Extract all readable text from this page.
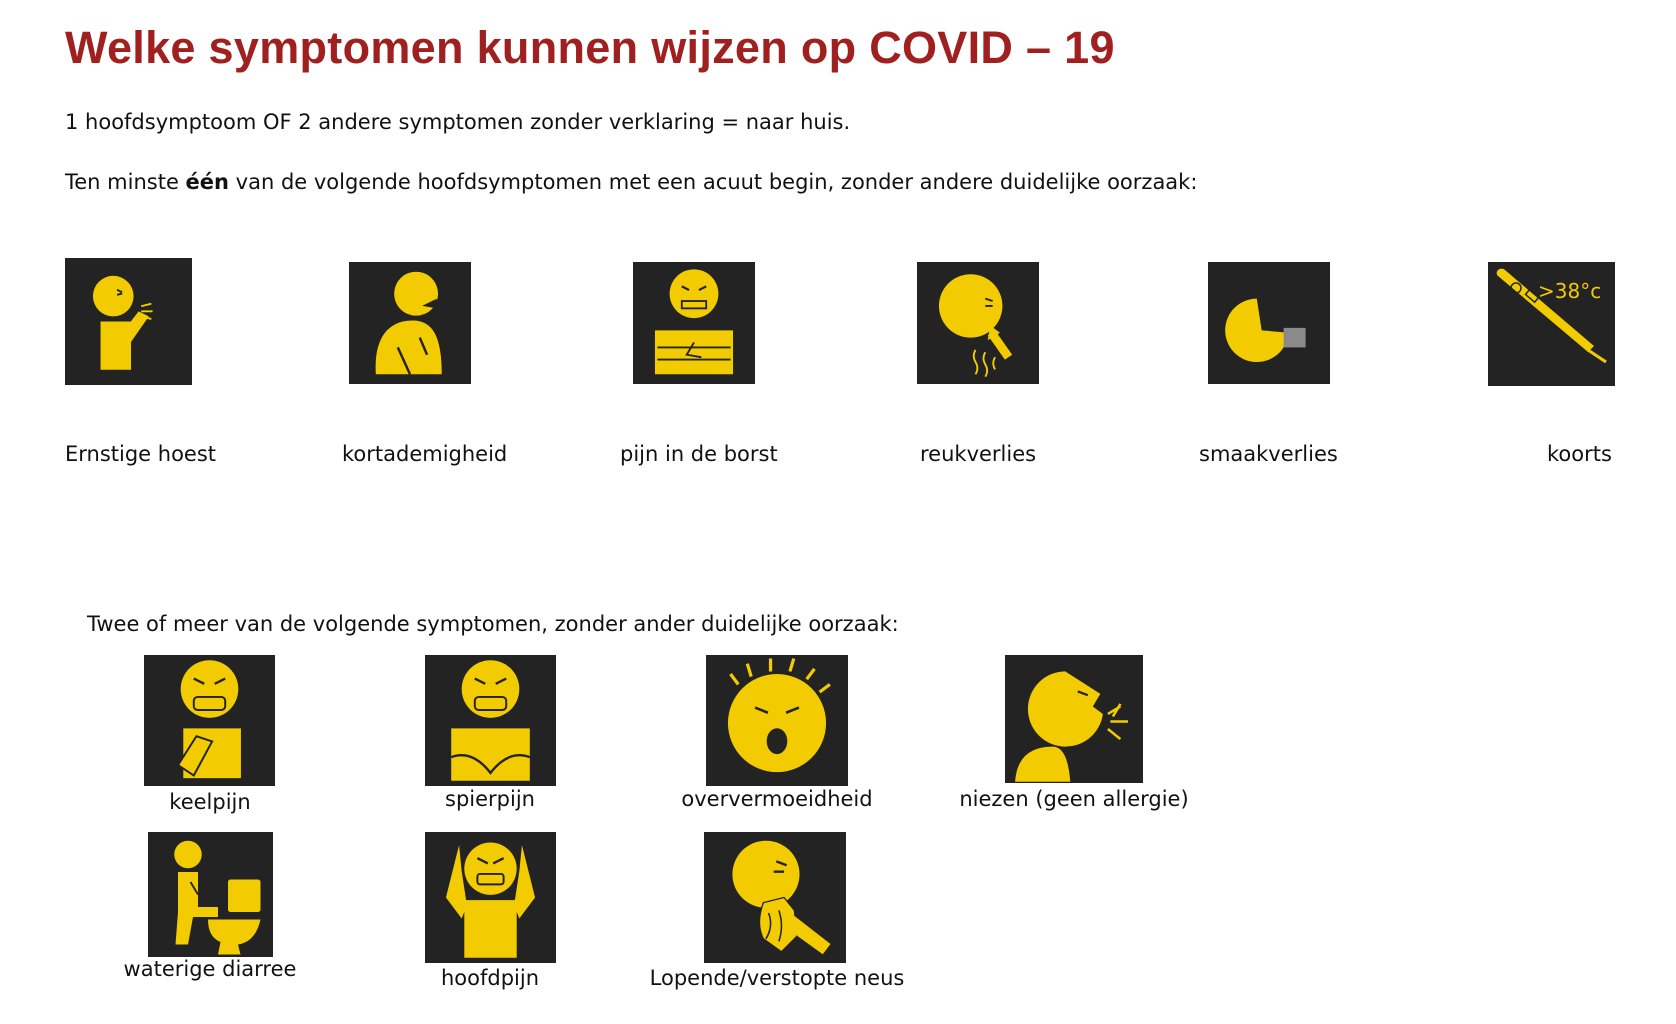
Welke symptomen kunnen wijzen op COVID – 19

1 hoofdsymptoom OF 2 andere symptomen zonder verklaring = naar huis.

Ten minste één van de volgende hoofdsymptomen met een acuut begin, zonder andere duidelijke oorzaak:

>38°c
Ernstige hoest	kortademigheid	pijn in de borst	reukverlies	smaakverlies	koorts

Twee of meer van de volgende symptomen, zonder ander duidelijke oorzaak:

keelpijn	spierpijn	oververmoeidheid	niezen (geen allergie)
waterige diarree	hoofdpijn	Lopende/verstopte neus
